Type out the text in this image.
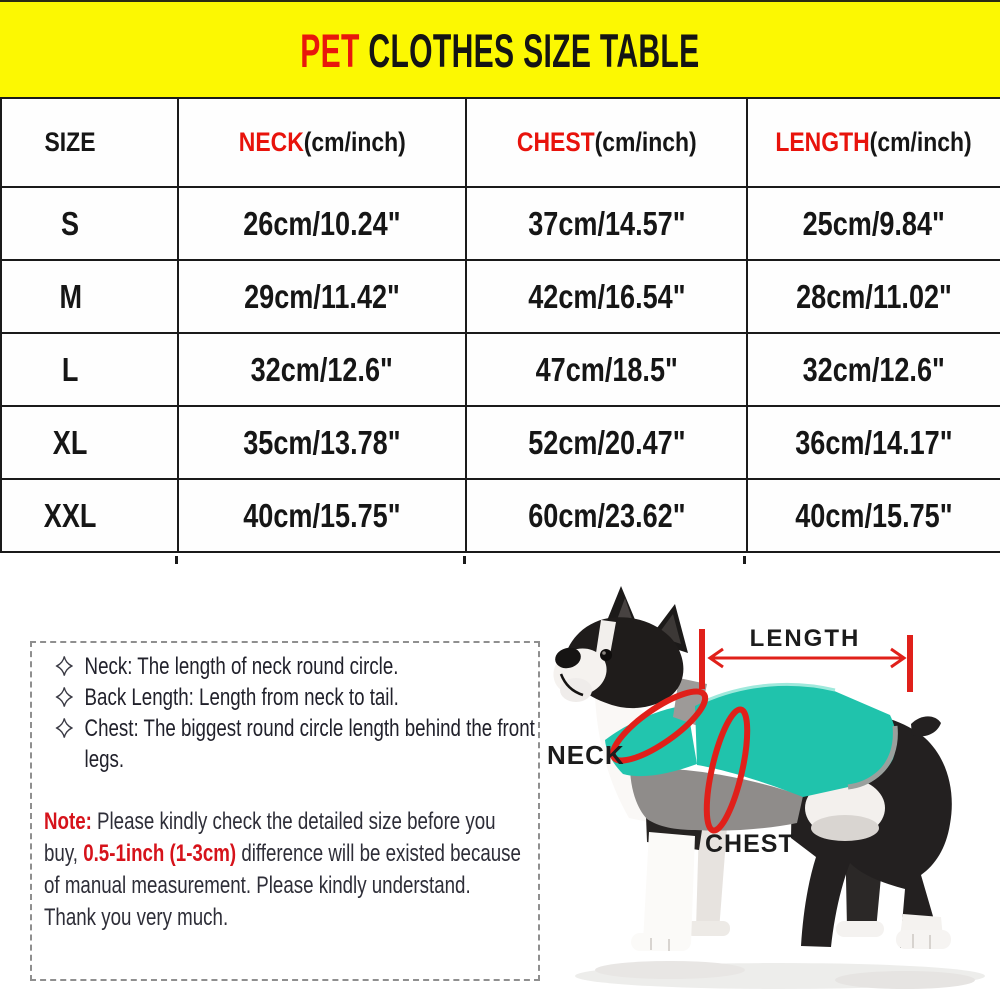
PET CLOTHES SIZE TABLE
SIZE	NECK(cm/inch)	CHEST(cm/inch)	LENGTH(cm/inch)
S	26cm/10.24"	37cm/14.57"	25cm/9.84"
M	29cm/11.42"	42cm/16.54"	28cm/11.02"
L	32cm/12.6"	47cm/18.5"	32cm/12.6"
XL	35cm/13.78"	52cm/20.47"	36cm/14.17"
XXL	40cm/15.75"	60cm/23.62"	40cm/15.75"
Neck: The length of neck round circle.
Back Length: Length from neck to tail.
Chest: The biggest round circle length behind the front legs.
Note: Please kindly check the detailed size before you buy, 0.5-1inch (1-3cm) difference will be existed because of manual measurement. Please kindly understand. Thank you very much.
LENGTH
NECK
CHEST
